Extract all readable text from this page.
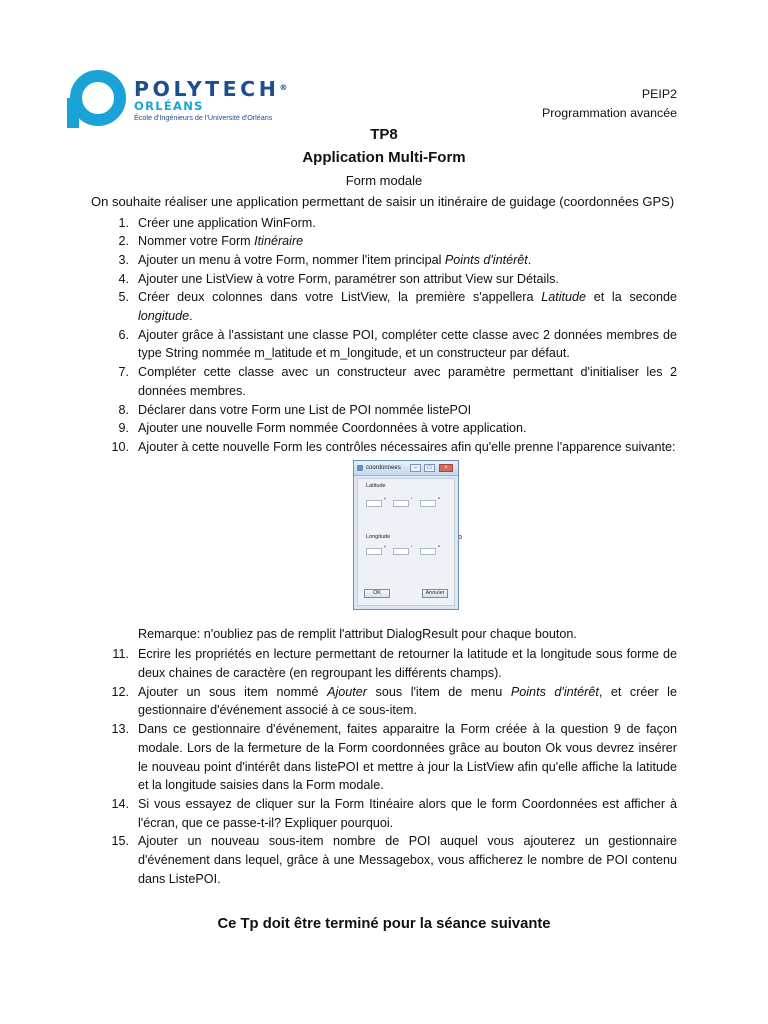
POLYTECH®
ORLÉANS
École d'Ingénieurs de l'Université d'Orléans
PEIP2
Programmation avancée
TP8
Application Multi-Form
Form modale

On souhaite réaliser une application permettant de saisir un itinéraire de guidage (coordonnées GPS)

1. Créer une application WinForm.
2. Nommer votre Form Itinéraire
3. Ajouter un menu à votre Form, nommer l'item principal Points d'intérêt.
4. Ajouter une ListView à votre Form, paramétrer son attribut View sur Détails.
5. Créer deux colonnes dans votre ListView, la première s'appellera Latitude et la seconde longitude.
6. Ajouter grâce à l'assistant une classe POI, compléter cette classe avec 2 données membres de type String nommée m_latitude et m_longitude, et un constructeur par défaut.
7. Compléter cette classe avec un constructeur avec paramètre permettant d'initialiser les 2 données membres.
8. Déclarer dans votre Form une List de POI nommée listePOI
9. Ajouter une nouvelle Form nommée Coordonnées à votre application.
10. Ajouter à cette nouvelle Form les contrôles nécessaires afin qu'elle prenne l'apparence suivante:
coordonnees	–	□	×
Latitude
°	'	"
Longitude
°	'	"
OK	Annuler

Remarque: n'oubliez pas de remplit l'attribut DialogResult pour chaque bouton.

11. Ecrire les propriétés en lecture permettant de retourner la latitude et la longitude sous forme de deux chaines de caractère (en regroupant les différents champs).
12. Ajouter un sous item nommé Ajouter sous l'item de menu Points d'intérêt, et créer le gestionnaire d'événement associé à ce sous-item.
13. Dans ce gestionnaire d'événement, faites apparaitre la Form créée à la question 9 de façon modale. Lors de la fermeture de la Form coordonnées grâce au bouton Ok vous devrez insérer le nouveau point d'intérêt dans listePOI et mettre à jour la ListView afin qu'elle affiche la latitude et la longitude saisies dans la Form modale.
14. Si vous essayez de cliquer sur la Form Itinéaire alors que le form Coordonnées est afficher à l'écran, que ce passe-t-il? Expliquer pourquoi.
15. Ajouter un nouveau sous-item nombre de POI auquel vous ajouterez un gestionnaire d'événement dans lequel, grâce à une Messagebox, vous afficherez le nombre de POI contenu dans ListePOI.
Ce Tp doit être terminé pour la séance suivante
